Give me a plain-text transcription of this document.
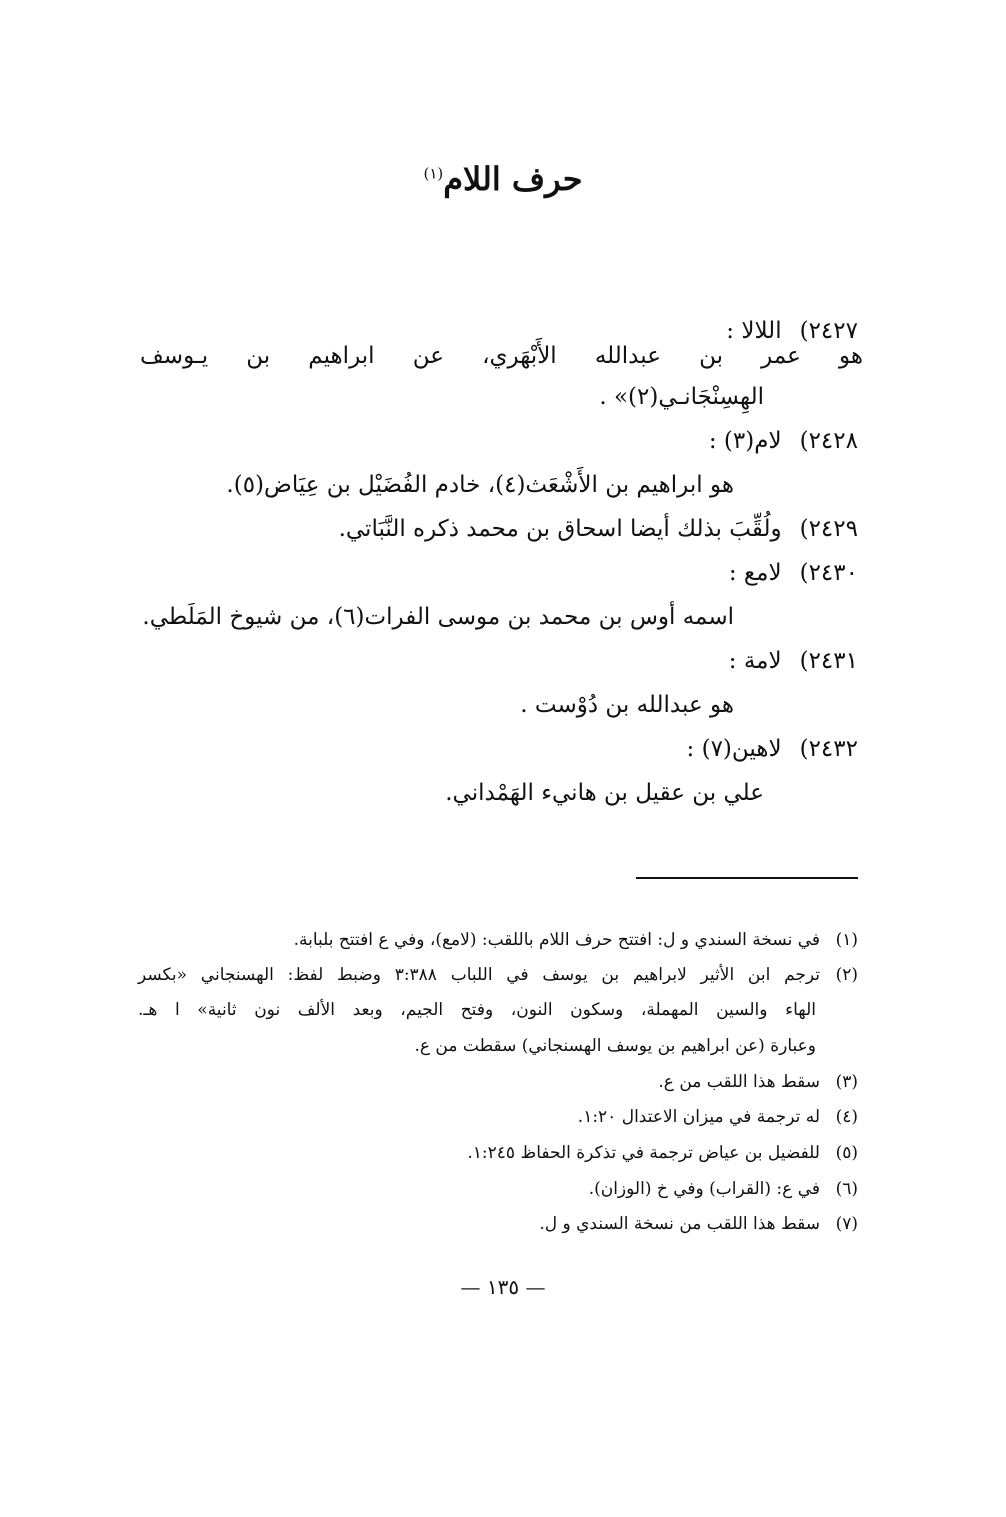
حرف اللام$^{(١)}$
٢٤٢٧)اللالا :
هو عمر بن عبدالله الأَبْهَري، عن ابراهيم بن يـوسف
الهِسِنْجَانـي(٢)» .
٢٤٢٨)لام(٣) :
هو ابراهيم بن الأَشْعَث(٤)، خادم الفُضَيْل بن عِيَاض(٥).
٢٤٢٩)ولُقِّبَ بذلك أيضا اسحاق بن محمد ذكره النَّبَاتي.
٢٤٣٠)لامع :
اسمه أوس بن محمد بن موسى الفرات(٦)، من شيوخ المَلَطي.
٢٤٣١)لامة :
هو عبدالله بن دُوْست .
٢٤٣٢)لاهين(٧) :
علي بن عقيل بن هانيء الهَمْداني.
(١)في نسخة السندي و ل: افتتح حرف اللام باللقب: (لامع)، وفي ع افتتح بلبابة.
(٢)ترجم ابن الأثير لابراهيم بن يوسف في اللباب ٣:٣٨٨ وضبط لفظ: الهسنجاني «بكسر
الهاء والسين المهملة، وسكون النون، وفتح الجيم، وبعد الألف نون ثانية» ا هـ.
وعبارة (عن ابراهيم بن يوسف الهسنجاني) سقطت من ع.
(٣)سقط هذا اللقب من ع.
(٤)له ترجمة في ميزان الاعتدال ١:٢٠.
(٥)للفضيل بن عياض ترجمة في تذكرة الحفاظ ١:٢٤٥.
(٦)في ع: (القراب) وفي خ (الوزان).
(٧)سقط هذا اللقب من نسخة السندي و ل.
— ١٣٥ —
